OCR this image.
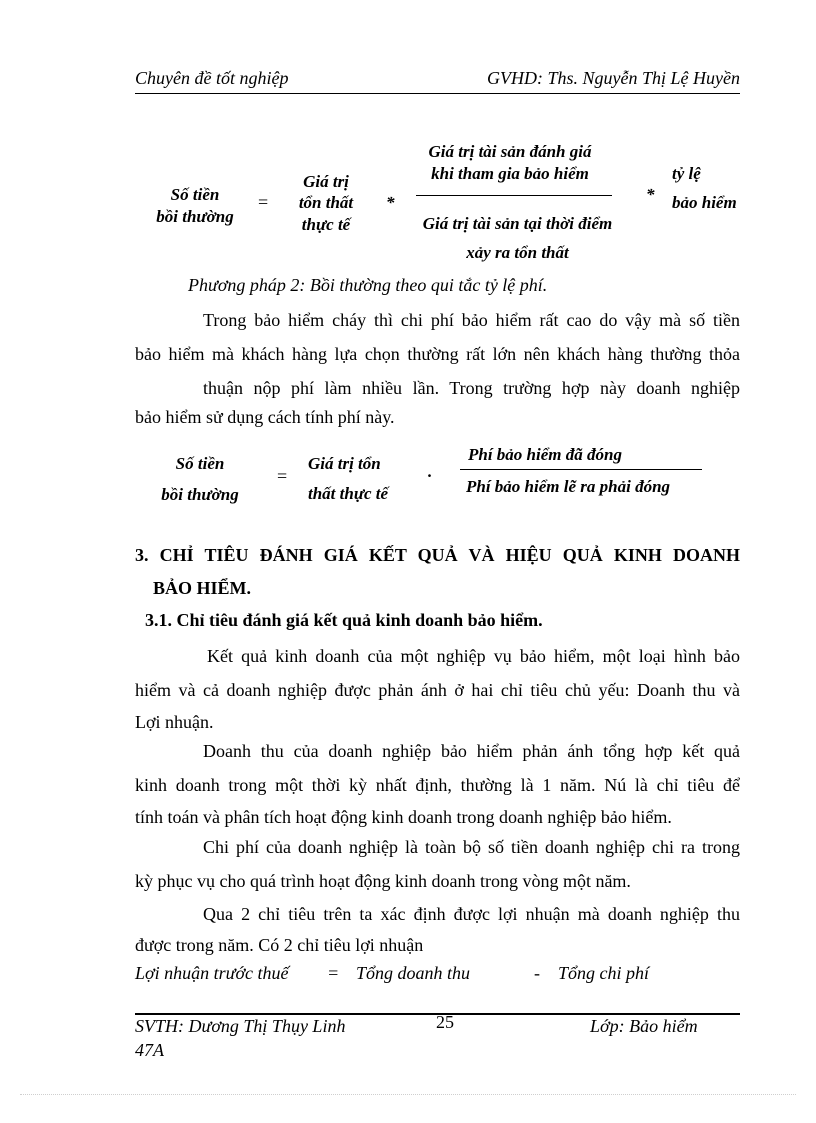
Chuyên đề tốt nghiệp	GVHD: Ths. Nguyễn Thị Lệ Huyền
Số tiền
bồi thường
=
Giá trị
tổn thất
thực tế
*
Giá trị tài sản đánh giá
khi tham gia bảo hiểm
Giá trị tài sản tại thời điểm
xảy ra tổn thất
*
tỷ lệ
bảo hiểm
Phương pháp 2: Bồi thường theo qui tắc tỷ lệ phí.
Trong bảo hiểm cháy thì chi phí bảo hiểm rất cao do vậy mà số tiền
bảo hiểm mà khách hàng lựa chọn thường rất lớn nên khách hàng thường thỏa
thuận nộp phí làm nhiều lần. Trong trường hợp này doanh nghiệp
bảo hiểm sử dụng cách tính phí này.
Số tiền
bồi thường
=
Giá trị tổn
thất thực tế
.
Phí bảo hiểm đã đóng
Phí bảo hiểm lẽ ra phải đóng
3. CHỈ TIÊU ĐÁNH GIÁ KẾT QUẢ VÀ HIỆU QUẢ KINH DOANH
BẢO HIỂM.
3.1. Chỉ tiêu đánh giá kết quả kinh doanh bảo hiểm.
Kết quả kinh doanh của một nghiệp vụ bảo hiểm, một loại hình bảo
hiểm và cả doanh nghiệp được phản ánh ở hai chỉ tiêu chủ yếu: Doanh thu và
Lợi nhuận.
Doanh thu của doanh nghiệp bảo hiểm phản ánh tổng hợp kết quả
kinh doanh trong một thời kỳ nhất định, thường là 1 năm. Nú là chỉ tiêu để
tính toán và phân tích hoạt động kinh doanh trong doanh nghiệp bảo hiểm.
Chi phí của doanh nghiệp là toàn bộ số tiền doanh nghiệp chi ra trong
kỳ phục vụ cho quá trình hoạt động kinh doanh trong vòng một năm.
Qua 2 chỉ tiêu trên ta xác định được lợi nhuận mà doanh nghiệp thu
được trong năm. Có 2 chỉ tiêu lợi nhuận
Lợi nhuận trước thuế = Tổng doanh thu	- Tổng chi phí
SVTH: Dương Thị Thụy Linh	25	Lớp: Bảo hiểm
47A
